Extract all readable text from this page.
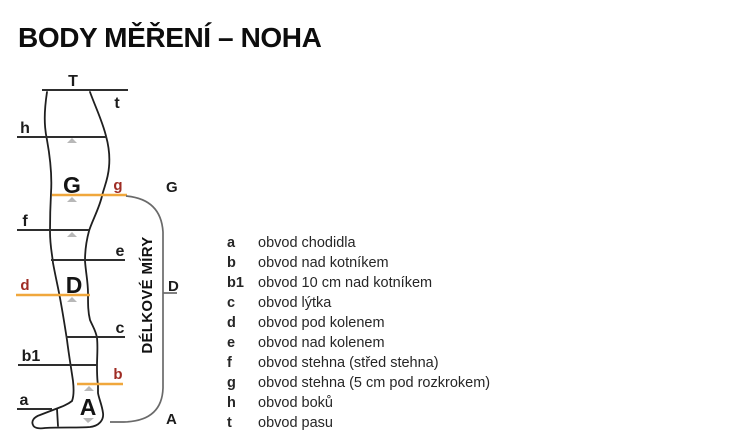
BODY MĚŘENÍ – NOHA
T
t
h
G g
f
e
D
d
c
b1
b
a A
G
D
A
DÉLKOVÉ MÍRY	a	obvod chodidla
b	obvod nad kotníkem
b1 obvod 10 cm nad kotníkem
c	obvod lýtka
d	obvod pod kolenem
e	obvod nad kolenem
f	obvod stehna (střed stehna)
g	obvod stehna (5 cm pod rozkrokem)
h	obvod boků
t	obvod pasu
